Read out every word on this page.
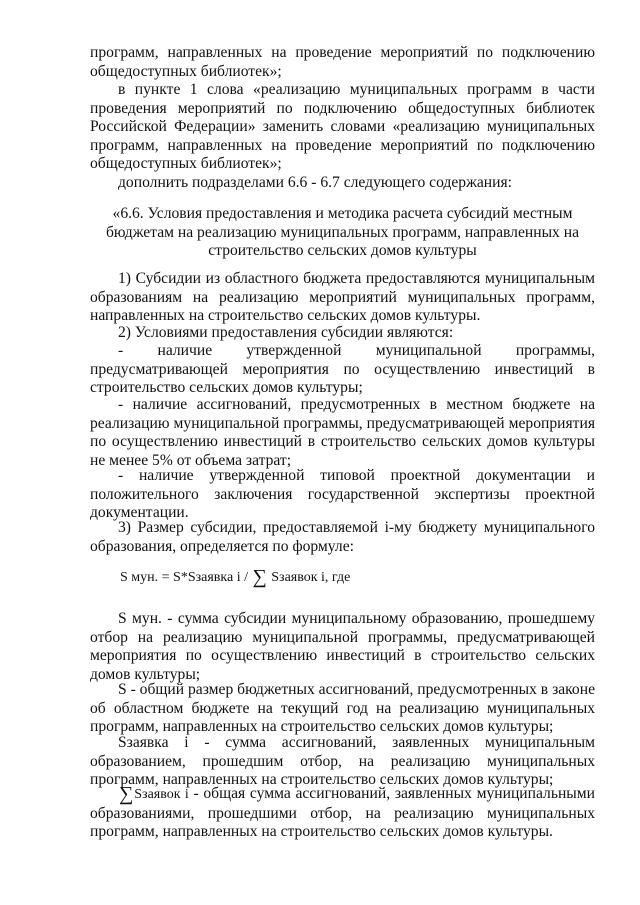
программ, направленных на проведение мероприятий по подключению общедоступных библиотек»;

в пункте 1 слова «реализацию муниципальных программ в части проведения мероприятий по подключению общедоступных библиотек Российской Федерации» заменить словами «реализацию муниципальных программ, направленных на проведение мероприятий по подключению общедоступных библиотек»;

дополнить подразделами 6.6 - 6.7 следующего содержания:

«6.6. Условия предоставления и методика расчета субсидий местным бюджетам на реализацию муниципальных программ, направленных на строительство сельских домов культуры

1) Субсидии из областного бюджета предоставляются муниципальным образованиям на реализацию мероприятий муниципальных программ, направленных на строительство сельских домов культуры.

2) Условиями предоставления субсидии являются:

- наличие утвержденной муниципальной программы, предусматривающей мероприятия по осуществлению инвестиций в строительство сельских домов культуры;

- наличие ассигнований, предусмотренных в местном бюджете на реализацию муниципальной программы, предусматривающей мероприятия по осуществлению инвестиций в строительство сельских домов культуры не менее 5% от объема затрат;

- наличие утвержденной типовой проектной документации и положительного заключения государственной экспертизы проектной документации.

3) Размер субсидии, предоставляемой i-му бюджету муниципального образования, определяется по формуле:

S мун. = S*Sзаявка i / ∑ Sзаявок i, где

S мун. - сумма субсидии муниципальному образованию, прошедшему отбор на реализацию муниципальной программы, предусматривающей мероприятия по осуществлению инвестиций в строительство сельских домов культуры;

S - общий размер бюджетных ассигнований, предусмотренных в законе об областном бюджете на текущий год на реализацию муниципальных программ, направленных на строительство сельских домов культуры;

Sзаявка i - сумма ассигнований, заявленных муниципальным образованием, прошедшим отбор, на реализацию муниципальных программ, направленных на строительство сельских домов культуры;

∑Sзаявок i - общая сумма ассигнований, заявленных муниципальными образованиями, прошедшими отбор, на реализацию муниципальных программ, направленных на строительство сельских домов культуры.
